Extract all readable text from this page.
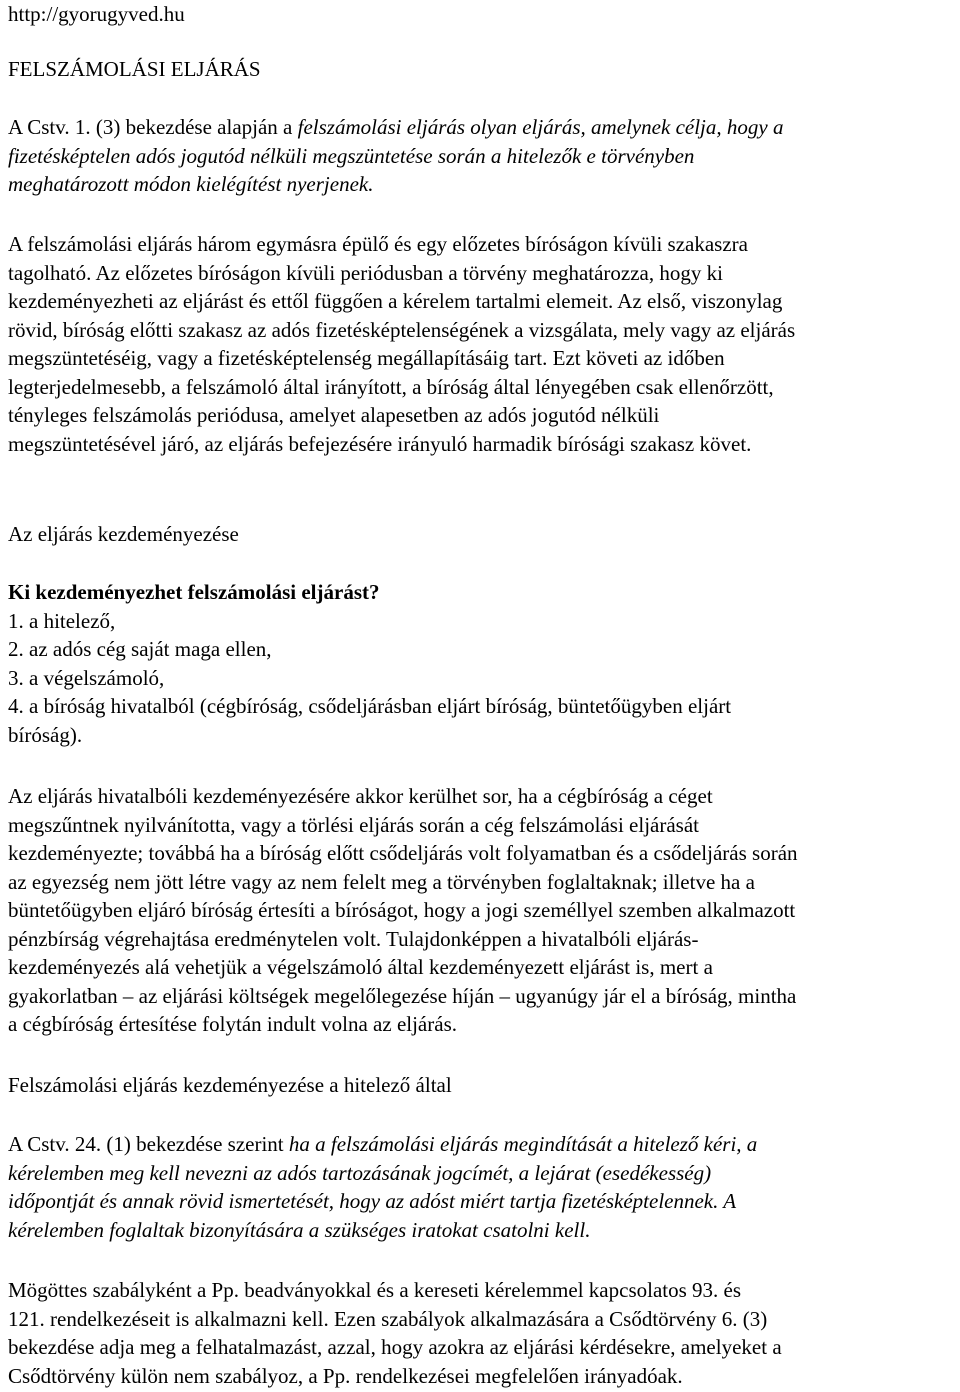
http://gyorugyved.hu
FELSZÁMOLÁSI ELJÁRÁS
A Cstv. 1. (3) bekezdése alapján a felszámolási eljárás olyan eljárás, amelynek célja, hogy a
fizetésképtelen adós jogutód nélküli megszüntetése során a hitelezők e törvényben
meghatározott módon kielégítést nyerjenek.
A felszámolási eljárás három egymásra épülő és egy előzetes bíróságon kívüli szakaszra
tagolható. Az előzetes bíróságon kívüli periódusban a törvény meghatározza, hogy ki
kezdeményezheti az eljárást és ettől függően a kérelem tartalmi elemeit. Az első, viszonylag
rövid, bíróság előtti szakasz az adós fizetésképtelenségének a vizsgálata, mely vagy az eljárás
megszüntetéséig, vagy a fizetésképtelenség megállapításáig tart. Ezt követi az időben
legterjedelmesebb, a felszámoló által irányított, a bíróság által lényegében csak ellenőrzött,
tényleges felszámolás periódusa, amelyet alapesetben az adós jogutód nélküli
megszüntetésével járó, az eljárás befejezésére irányuló harmadik bírósági szakasz követ.
Az eljárás kezdeményezése
Ki kezdeményezhet felszámolási eljárást?
1. a hitelező,
2. az adós cég saját maga ellen,
3. a végelszámoló,
4. a bíróság hivatalból (cégbíróság, csődeljárásban eljárt bíróság, büntetőügyben eljárt
bíróság).
Az eljárás hivatalbóli kezdeményezésére akkor kerülhet sor, ha a cégbíróság a céget
megszűntnek nyilvánította, vagy a törlési eljárás során a cég felszámolási eljárását
kezdeményezte; továbbá ha a bíróság előtt csődeljárás volt folyamatban és a csődeljárás során
az egyezség nem jött létre vagy az nem felelt meg a törvényben foglaltaknak; illetve ha a
büntetőügyben eljáró bíróság értesíti a bíróságot, hogy a jogi személlyel szemben alkalmazott
pénzbírság végrehajtása eredménytelen volt. Tulajdonképpen a hivatalbóli eljárás-
kezdeményezés alá vehetjük a végelszámoló által kezdeményezett eljárást is, mert a
gyakorlatban – az eljárási költségek megelőlegezése híján – ugyanúgy jár el a bíróság, mintha
a cégbíróság értesítése folytán indult volna az eljárás.
Felszámolási eljárás kezdeményezése a hitelező által
A Cstv. 24. (1) bekezdése szerint ha a felszámolási eljárás megindítását a hitelező kéri, a
kérelemben meg kell nevezni az adós tartozásának jogcímét, a lejárat (esedékesség)
időpontját és annak rövid ismertetését, hogy az adóst miért tartja fizetésképtelennek. A
kérelemben foglaltak bizonyítására a szükséges iratokat csatolni kell.
Mögöttes szabályként a Pp. beadványokkal és a kereseti kérelemmel kapcsolatos 93. és
121. rendelkezéseit is alkalmazni kell. Ezen szabályok alkalmazására a Csődtörvény 6. (3)
bekezdése adja meg a felhatalmazást, azzal, hogy azokra az eljárási kérdésekre, amelyeket a
Csődtörvény külön nem szabályoz, a Pp. rendelkezései megfelelően irányadóak.
